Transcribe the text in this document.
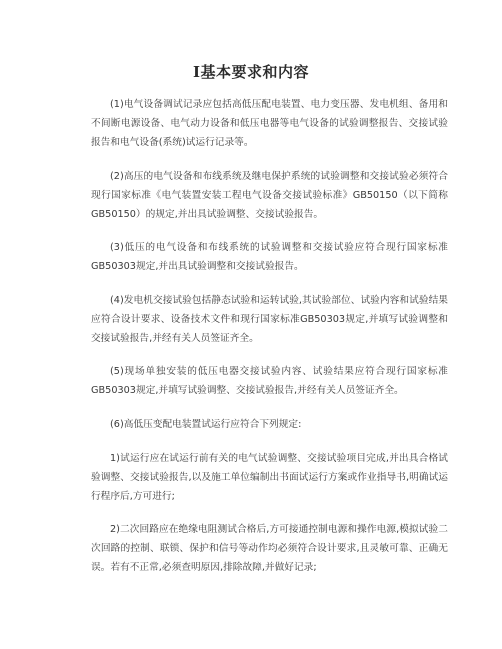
Ⅰ基本要求和内容

(1)电气设备调试记录应包括高低压配电装置、电力变压器、发电机组、备用和不间断电源设备、电气动力设备和低压电器等电气设备的试验调整报告、交接试验报告和电气设备(系统)试运行记录等。

(2)高压的电气设备和布线系统及继电保护系统的试验调整和交接试验必须符合现行国家标准《电气装置安装工程电气设备交接试验标准》GB50150（以下简称GB50150）的规定,并出具试验调整、交接试验报告。

(3)低压的电气设备和布线系统的试验调整和交接试验应符合现行国家标准GB50303规定,并出具试验调整和交接试验报告。

(4)发电机交接试验包括静态试验和运转试验,其试验部位、试验内容和试验结果应符合设计要求、设备技术文件和现行国家标准GB50303规定,并填写试验调整和交接试验报告,并经有关人员签证齐全。

(5)现场单独安装的低压电器交接试验内容、试验结果应符合现行国家标准GB50303规定,并填写试验调整、交接试验报告,并经有关人员签证齐全。

(6)高低压变配电装置试运行应符合下列规定:

1)试运行应在试运行前有关的电气试验调整、交接试验项目完成,并出具合格试验调整、交接试验报告,以及施工单位编制出书面试运行方案或作业指导书,明确试运行程序后,方可进行;

2)二次回路应在绝缘电阻测试合格后,方可接通控制电源和操作电源,模拟试验二次回路的控制、联锁、保护和信号等动作均必须符合设计要求,且灵敏可靠、正确无误。若有不正常,必须查明原因,排除故障,并做好记录;
